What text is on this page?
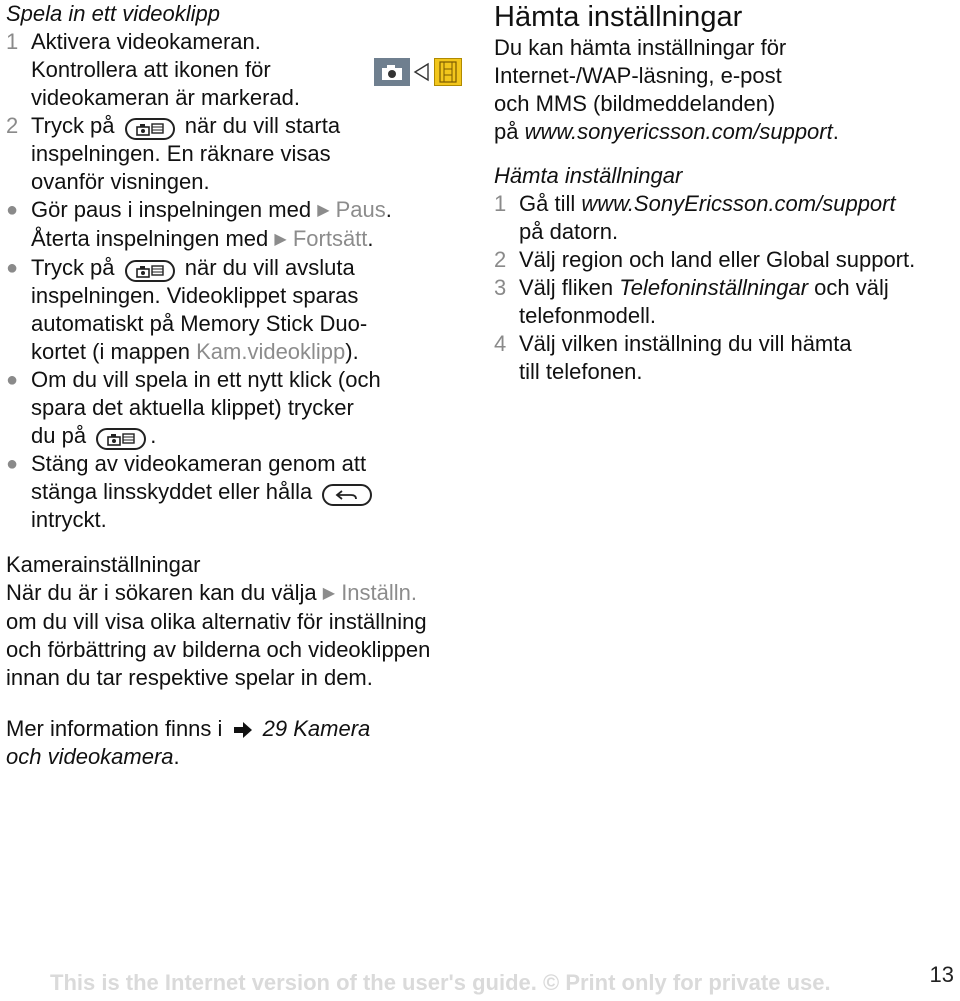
Spela in ett videoklipp
1 Aktivera videokameran.
Kontrollera att ikonen för
videokameran är markerad.
2 Tryck på	när du vill starta
inspelningen. En räknare visas
ovanför visningen.
● Gör paus i inspelningen med ▶ Paus.
Återta inspelningen med ▶ Fortsätt.
● Tryck på	när du vill avsluta
inspelningen. Videoklippet sparas
automatiskt på Memory Stick Duo-
kortet (i mappen Kam.videoklipp).
● Om du vill spela in ett nytt klick (och
spara det aktuella klippet) trycker
du på	.
● Stäng av videokameran genom att
stänga linsskyddet eller hålla
intryckt.
Kamerainställningar
När du är i sökaren kan du välja ▶ Inställn.
om du vill visa olika alternativ för inställning
och förbättring av bilderna och videoklippen
innan du tar respektive spelar in dem.
Mer information finns i 29 Kamera
och videokamera.
Hämta inställningar

Du kan hämta inställningar för

Internet-/WAP-läsning, e-post

och MMS (bildmeddelanden)

på www.sonyericsson.com/support.

Hämta inställningar
1 Gå till www.SonyEricsson.com/support
på datorn.
2 Välj region och land eller Global support.
3 Välj fliken Telefoninställningar och välj
telefonmodell.
4 Välj vilken inställning du vill hämta
till telefonen.
This is the Internet version of the user's guide. © Print only for private use.	13
